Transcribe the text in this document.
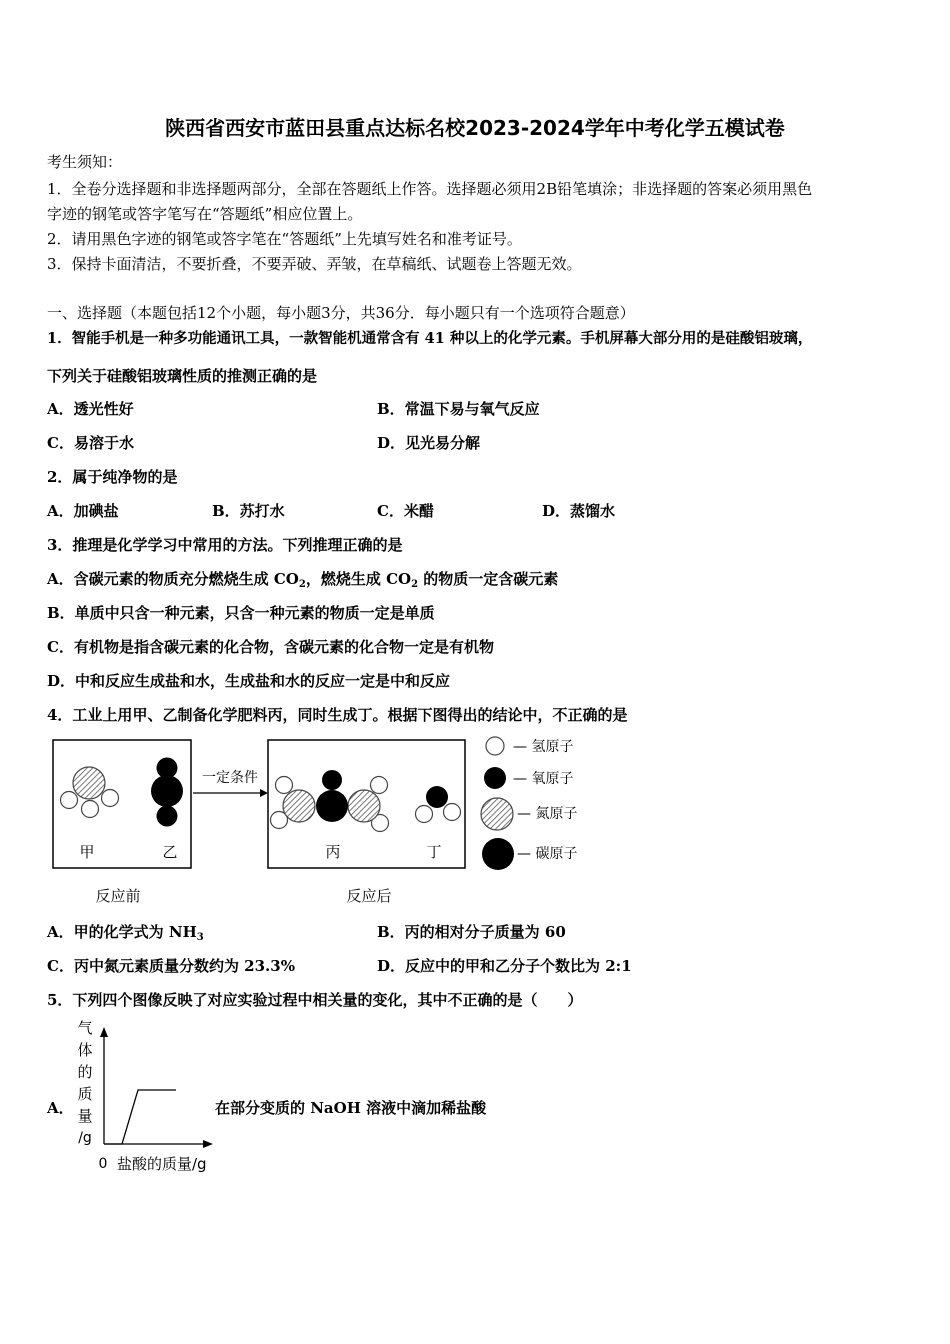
陕西省西安市蓝田县重点达标名校2023-2024学年中考化学五模试卷
考生须知：
1．全卷分选择题和非选择题两部分，全部在答题纸上作答。选择题必须用2B铅笔填涂；非选择题的答案必须用黑色
字迹的钢笔或答字笔写在“答题纸”相应位置上。
2．请用黑色字迹的钢笔或答字笔在“答题纸”上先填写姓名和准考证号。
3．保持卡面清洁，不要折叠，不要弄破、弄皱，在草稿纸、试题卷上答题无效。
一、选择题（本题包括12个小题，每小题3分，共36分．每小题只有一个选项符合题意）
1．智能手机是一种多功能通讯工具，一款智能机通常含有 41 种以上的化学元素。手机屏幕大部分用的是硅酸铝玻璃，
下列关于硅酸铝玻璃性质的推测正确的是
A．透光性好	B．常温下易与氧气反应
C．易溶于水	D．见光易分解
2．属于纯净物的是
A．加碘盐	B．苏打水	C．米醋	D．蒸馏水
3．推理是化学学习中常用的方法。下列推理正确的是
A．含碳元素的物质充分燃烧生成 $CO_2$，燃烧生成 $CO_2$ 的物质一定含碳元素
B．单质中只含一种元素，只含一种元素的物质一定是单质
C．有机物是指含碳元素的化合物，含碳元素的化合物一定是有机物
D．中和反应生成盐和水，生成盐和水的反应一定是中和反应
4．工业上用甲、乙制备化学肥料丙，同时生成丁。根据下图得出的结论中，不正确的是
甲	乙
一定条件
丙	丁
— 氢原子
— 氧原子
— 氮原子
— 碳原子
反应前	反应后
A．甲的化学式为 $NH_3$	B．丙的相对分子质量为 60
C．丙中氮元素质量分数约为 23.3%	D．反应中的甲和乙分子个数比为 2:1
5．下列四个图像反映了对应实验过程中相关量的变化，其中不正确的是（　　）
A．	在部分变质的 NaOH 溶液中滴加稀盐酸
气
体
的
质
量
/g
0 盐酸的质量/g
